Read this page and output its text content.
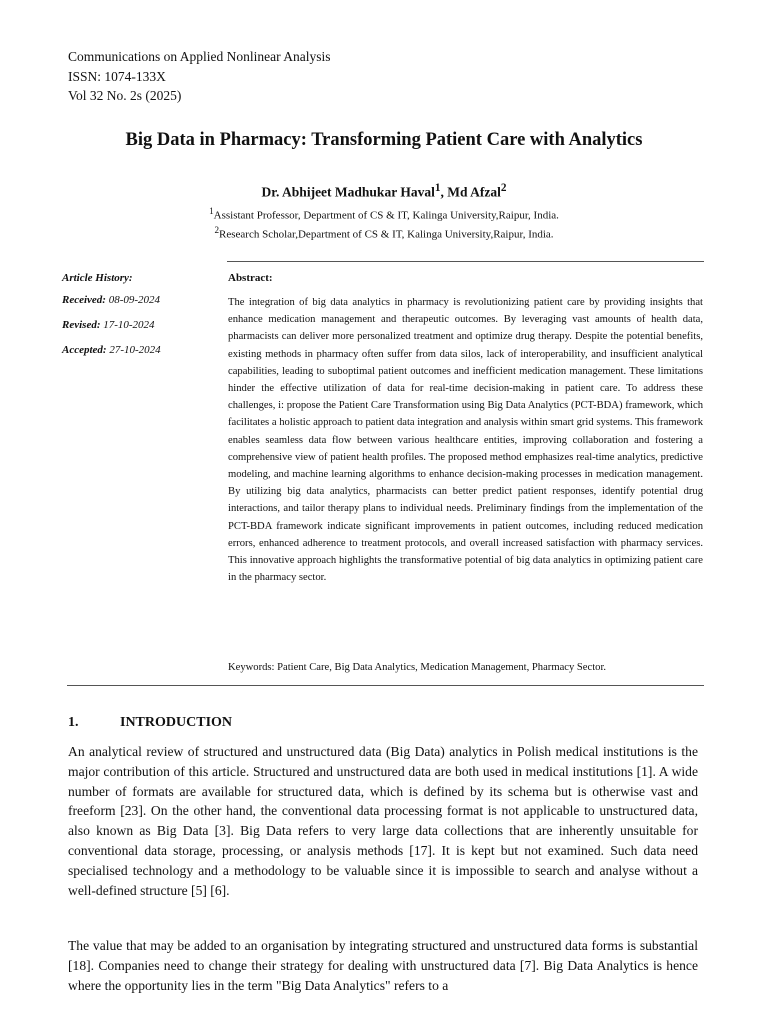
Communications on Applied Nonlinear Analysis
ISSN: 1074-133X
Vol 32 No. 2s (2025)
Big Data in Pharmacy: Transforming Patient Care with Analytics
Dr. Abhijeet Madhukar Haval$^1$, Md Afzal$^2$
$^1$Assistant Professor, Department of CS & IT, Kalinga University,Raipur, India.
$^2$Research Scholar,Department of CS & IT, Kalinga University,Raipur, India.
Article History:
Received: 08-09-2024
Revised: 17-10-2024
Accepted: 27-10-2024
Abstract:

The integration of big data analytics in pharmacy is revolutionizing patient care by providing insights that enhance medication management and therapeutic outcomes. By leveraging vast amounts of health data, pharmacists can deliver more personalized treatment and optimize drug therapy. Despite the potential benefits, existing methods in pharmacy often suffer from data silos, lack of interoperability, and insufficient analytical capabilities, leading to suboptimal patient outcomes and inefficient medication management. These limitations hinder the effective utilization of data for real-time decision-making in patient care. To address these challenges, i: propose the Patient Care Transformation using Big Data Analytics (PCT-BDA) framework, which facilitates a holistic approach to patient data integration and analysis within smart grid systems. This framework enables seamless data flow between various healthcare entities, improving collaboration and fostering a comprehensive view of patient health profiles. The proposed method emphasizes real-time analytics, predictive modeling, and machine learning algorithms to enhance decision-making processes in medication management. By utilizing big data analytics, pharmacists can better predict patient responses, identify potential drug interactions, and tailor therapy plans to individual needs. Preliminary findings from the implementation of the PCT-BDA framework indicate significant improvements in patient outcomes, including reduced medication errors, enhanced adherence to treatment protocols, and overall increased satisfaction with pharmacy services. This innovative approach highlights the transformative potential of big data analytics in optimizing patient care in the pharmacy sector.

Keywords: Patient Care, Big Data Analytics, Medication Management, Pharmacy Sector.
1.	INTRODUCTION

An analytical review of structured and unstructured data (Big Data) analytics in Polish medical institutions is the major contribution of this article. Structured and unstructured data are both used in medical institutions [1]. A wide number of formats are available for structured data, which is defined by its schema but is otherwise vast and freeform [23]. On the other hand, the conventional data processing format is not applicable to unstructured data, also known as Big Data [3]. Big Data refers to very large data collections that are inherently unsuitable for conventional data storage, processing, or analysis methods [17]. It is kept but not examined. Such data need specialised technology and a methodology to be valuable since it is impossible to search and analyse without a well-defined structure [5] [6].

The value that may be added to an organisation by integrating structured and unstructured data forms is substantial [18]. Companies need to change their strategy for dealing with unstructured data [7]. Big Data Analytics is hence where the opportunity lies in the term "Big Data Analytics" refers to a
